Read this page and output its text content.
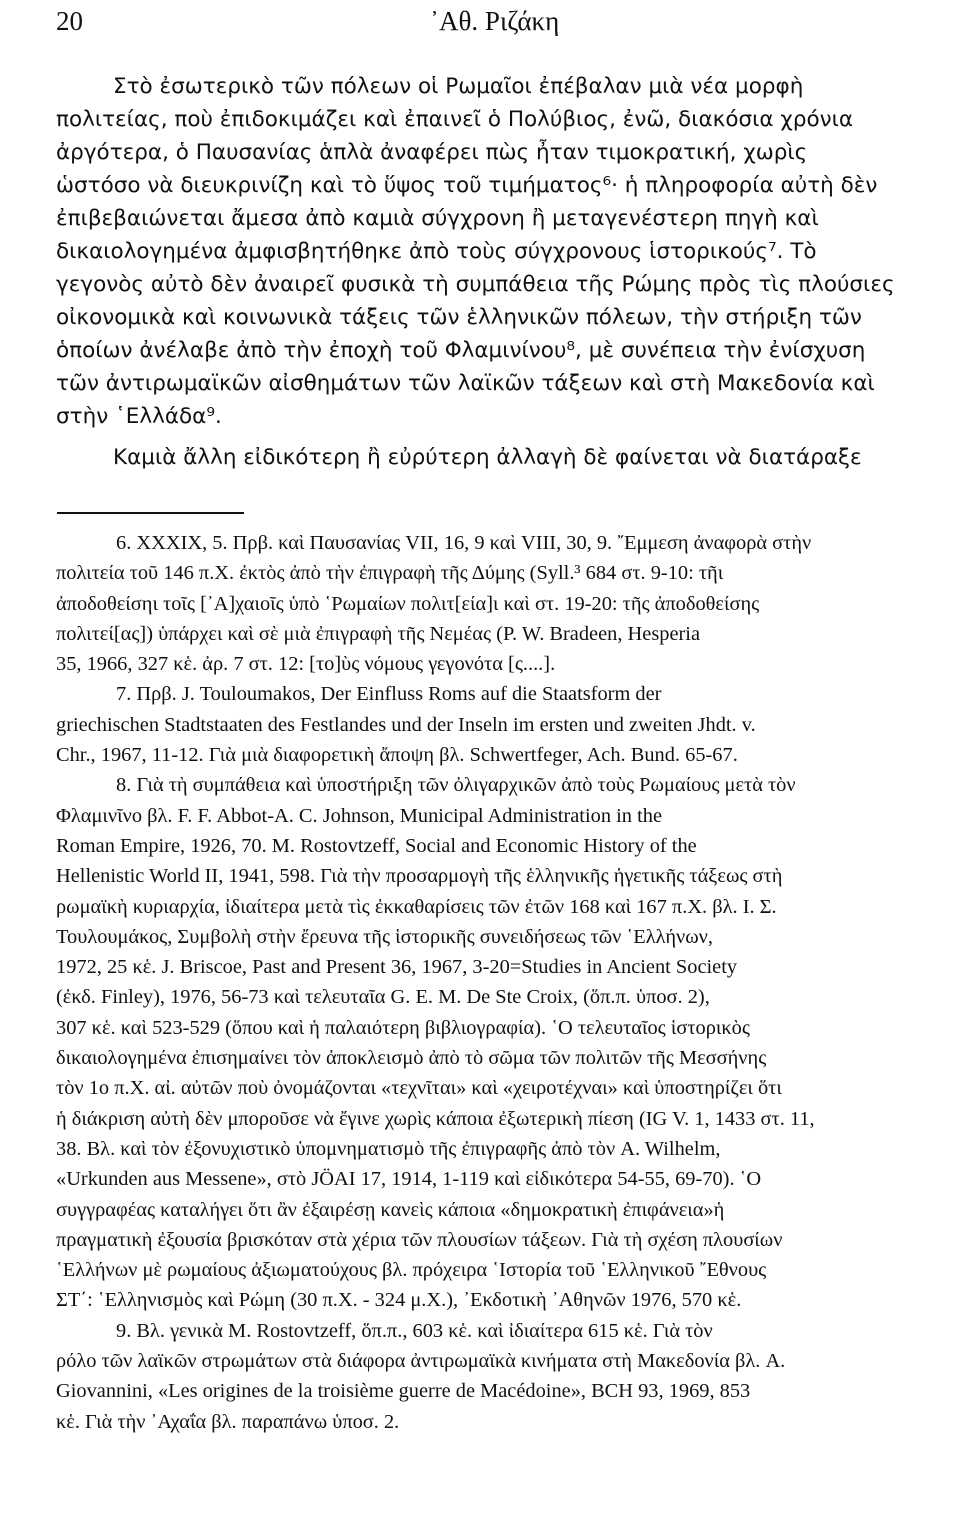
20	᾿Αθ. Ριζάκη
Στὸ ἐσωτερικὸ τῶν πόλεων οἱ Ρωμαῖοι ἐπέβαλαν μιὰ νέα μορφὴ
πολιτείας, ποὺ ἐπιδοκιμάζει καὶ ἐπαινεῖ ὁ Πολύβιος, ἐνῶ, διακόσια χρόνια
ἀργότερα, ὁ Παυσανίας ἁπλὰ ἀναφέρει πὼς ἦταν τιμοκρατική, χωρὶς
ὡστόσο νὰ διευκρινίζη καὶ τὸ ὕψος τοῦ τιμήματος⁶· ἡ πληροφορία αὐτὴ δὲν
ἐπιβεβαιώνεται ἄμεσα ἀπὸ καμιὰ σύγχρονη ἢ μεταγενέστερη πηγὴ καὶ
δικαιολογημένα ἀμφισβητήθηκε ἀπὸ τοὺς σύγχρονους ἱστορικούς⁷. Τὸ
γεγονὸς αὐτὸ δὲν ἀναιρεῖ φυσικὰ τὴ συμπάθεια τῆς Ρώμης πρὸς τὶς πλούσιες
οἰκονομικὰ καὶ κοινωνικὰ τάξεις τῶν ἑλληνικῶν πόλεων, τὴν στήριξη τῶν
ὁποίων ἀνέλαβε ἀπὸ τὴν ἐποχὴ τοῦ Φλαμινίνου⁸, μὲ συνέπεια τὴν ἐνίσχυση
τῶν ἀντιρωμαϊκῶν αἰσθημάτων τῶν λαϊκῶν τάξεων καὶ στὴ Μακεδονία καὶ
στὴν ῾Ελλάδα⁹.
Καμιὰ ἄλλη εἰδικότερη ἢ εὐρύτερη ἀλλαγὴ δὲ φαίνεται νὰ διατάραξε
6. XXXIX, 5. Πρβ. καὶ Παυσανίας VII, 16, 9 καὶ VIII, 30, 9. ῎Εμμεση ἀναφορὰ στὴν
πολιτεία τοῦ 146 π.Χ. ἐκτὸς ἀπὸ τὴν ἐπιγραφὴ τῆς Δύμης (Syll.³ 684 στ. 9-10: τῆι
ἀποδοθείσηι τοῖς [᾿Α]χαιοῖς ὑπὸ ῾Ρωμαίων πολιτ[εία]ι καὶ στ. 19-20: τῆς ἀποδοθείσης
πολιτεί[ας]) ὑπάρχει καὶ σὲ μιὰ ἐπιγραφὴ τῆς Νεμέας (P. W. Bradeen, Hesperia
35, 1966, 327 κἑ. ἀρ. 7 στ. 12: [το]ὺς νόμους γεγονότα [ς....].
7. Πρβ. J. Touloumakos, Der Einfluss Roms auf die Staatsform der
griechischen Stadtstaaten des Festlandes und der Inseln im ersten und zweiten Jhdt. v.
Chr., 1967, 11-12. Γιὰ μιὰ διαφορετικὴ ἄποψη βλ. Schwertfeger, Ach. Bund. 65-67.
8. Γιὰ τὴ συμπάθεια καὶ ὑποστήριξη τῶν ὀλιγαρχικῶν ἀπὸ τοὺς Ρωμαίους μετὰ τὸν
Φλαμινῖνο βλ. F. F. Abbot-A. C. Johnson, Municipal Administration in the
Roman Empire, 1926, 70. M. Rostovtzeff, Social and Economic History of the
Hellenistic World II, 1941, 598. Γιὰ τὴν προσαρμογὴ τῆς ἑλληνικῆς ἡγετικῆς τάξεως στὴ
ρωμαϊκὴ κυριαρχία, ἰδιαίτερα μετὰ τὶς ἐκκαθαρίσεις τῶν ἐτῶν 168 καὶ 167 π.Χ. βλ. Ι. Σ.
Τουλουμάκος, Συμβολὴ στὴν ἔρευνα τῆς ἱστορικῆς συνειδήσεως τῶν ῾Ελλήνων,
1972, 25 κἑ. J. Briscoe, Past and Present 36, 1967, 3-20=Studies in Ancient Society
(ἐκδ. Finley), 1976, 56-73 καὶ τελευταῖα G. E. M. De Ste Croix, (ὅπ.π. ὑποσ. 2),
307 κἑ. καὶ 523-529 (ὅπου καὶ ἡ παλαιότερη βιβλιογραφία). ῾Ο τελευταῖος ἱστορικὸς
δικαιολογημένα ἐπισημαίνει τὸν ἀποκλεισμὸ ἀπὸ τὸ σῶμα τῶν πολιτῶν τῆς Μεσσήνης
τὸν 1ο π.Χ. αἰ. αὐτῶν ποὺ ὀνομάζονται «τεχνῖται» καὶ «χειροτέχναι» καὶ ὑποστηρίζει ὅτι
ἡ διάκριση αὐτὴ δὲν μποροῦσε νὰ ἔγινε χωρὶς κάποια ἐξωτερικὴ πίεση (IG V. 1, 1433 στ. 11,
38. Βλ. καὶ τὸν ἐξονυχιστικὸ ὑπομνηματισμὸ τῆς ἐπιγραφῆς ἀπὸ τὸν A. Wilhelm,
«Urkunden aus Messene», στὸ JÖAI 17, 1914, 1-119 καὶ εἰδικότερα 54-55, 69-70). ῾Ο
συγγραφέας καταλήγει ὅτι ἂν ἐξαιρέσῃ κανεὶς κάποια «δημοκρατικὴ ἐπιφάνεια»ἡ
πραγματικὴ ἐξουσία βρισκόταν στὰ χέρια τῶν πλουσίων τάξεων. Γιὰ τὴ σχέση πλουσίων
῾Ελλήνων μὲ ρωμαίους ἀξιωματούχους βλ. πρόχειρα ῾Ιστορία τοῦ ῾Ελληνικοῦ ῎Εθνους
ΣΤ΄: ῾Ελληνισμὸς καὶ Ρώμη (30 π.Χ. - 324 μ.Χ.), ᾿Εκδοτικὴ ᾿Αθηνῶν 1976, 570 κἑ.
9. Βλ. γενικὰ M. Rostovtzeff, ὅπ.π., 603 κἑ. καὶ ἰδιαίτερα 615 κἑ. Γιὰ τὸν
ρόλο τῶν λαϊκῶν στρωμάτων στὰ διάφορα ἀντιρωμαϊκὰ κινήματα στὴ Μακεδονία βλ. A.
Giovannini, «Les origines de la troisième guerre de Macédoine», BCH 93, 1969, 853
κἑ. Γιὰ τὴν ᾿Αχαΐα βλ. παραπάνω ὑποσ. 2.
